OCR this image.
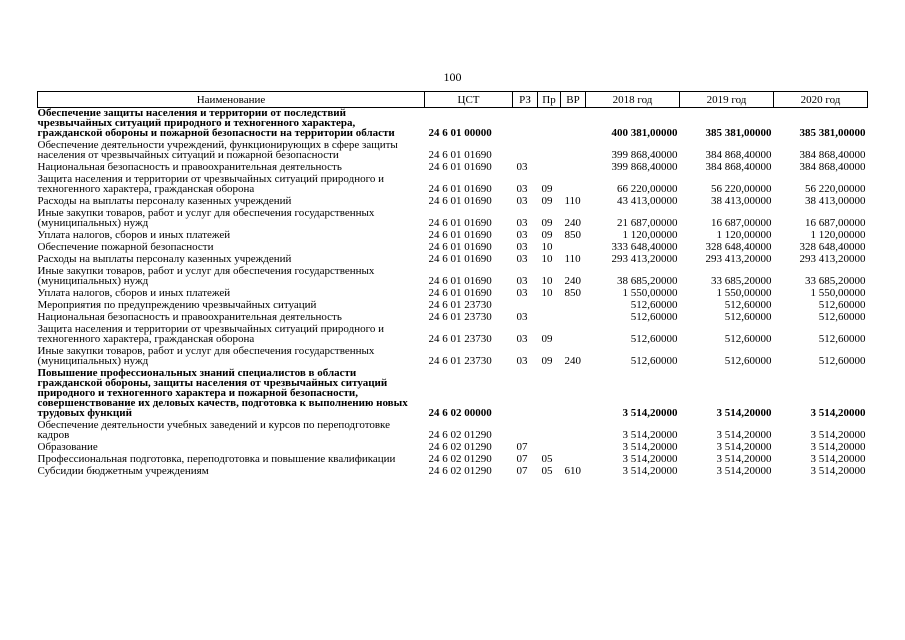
100
Наименование	ЦСТ	РЗ	Пр	ВР	2018 год	2019 год	2020 год
Обеспечение защиты населения и территории от последствий чрезвычайных ситуаций природного и техногенного характера, гражданской обороны и пожарной безопасности на территории области	24 6 01 00000				400 381,00000	385 381,00000	385 381,00000
Обеспечение деятельности учреждений, функционирующих в сфере защиты населения от чрезвычайных ситуаций и пожарной безопасности	24 6 01 01690				399 868,40000	384 868,40000	384 868,40000
Национальная безопасность и правоохранительная деятельность	24 6 01 01690	03			399 868,40000	384 868,40000	384 868,40000
Защита населения и территории от чрезвычайных ситуаций природного и техногенного характера, гражданская оборона	24 6 01 01690	03	09		66 220,00000	56 220,00000	56 220,00000
Расходы на выплаты персоналу казенных учреждений	24 6 01 01690	03	09	110	43 413,00000	38 413,00000	38 413,00000
Иные закупки товаров, работ и услуг для обеспечения государственных (муниципальных) нужд	24 6 01 01690	03	09	240	21 687,00000	16 687,00000	16 687,00000
Уплата налогов, сборов и иных платежей	24 6 01 01690	03	09	850	1 120,00000	1 120,00000	1 120,00000
Обеспечение пожарной безопасности	24 6 01 01690	03	10		333 648,40000	328 648,40000	328 648,40000
Расходы на выплаты персоналу казенных учреждений	24 6 01 01690	03	10	110	293 413,20000	293 413,20000	293 413,20000
Иные закупки товаров, работ и услуг для обеспечения государственных (муниципальных) нужд	24 6 01 01690	03	10	240	38 685,20000	33 685,20000	33 685,20000
Уплата налогов, сборов и иных платежей	24 6 01 01690	03	10	850	1 550,00000	1 550,00000	1 550,00000
Мероприятия по предупреждению чрезвычайных ситуаций	24 6 01 23730				512,60000	512,60000	512,60000
Национальная безопасность и правоохранительная деятельность	24 6 01 23730	03			512,60000	512,60000	512,60000
Защита населения и территории от чрезвычайных ситуаций природного и техногенного характера, гражданская оборона	24 6 01 23730	03	09		512,60000	512,60000	512,60000
Иные закупки товаров, работ и услуг для обеспечения государственных (муниципальных) нужд	24 6 01 23730	03	09	240	512,60000	512,60000	512,60000
Повышение профессиональных знаний специалистов в области гражданской обороны, защиты населения от чрезвычайных ситуаций природного и техногенного характера и пожарной безопасности, совершенствование их деловых качеств, подготовка к выполнению новых трудовых функций	24 6 02 00000				3 514,20000	3 514,20000	3 514,20000
Обеспечение деятельности учебных заведений и курсов по переподготовке кадров	24 6 02 01290				3 514,20000	3 514,20000	3 514,20000
Образование	24 6 02 01290	07			3 514,20000	3 514,20000	3 514,20000
Профессиональная подготовка, переподготовка и повышение квалификации	24 6 02 01290	07	05		3 514,20000	3 514,20000	3 514,20000
Субсидии бюджетным учреждениям	24 6 02 01290	07	05	610	3 514,20000	3 514,20000	3 514,20000
